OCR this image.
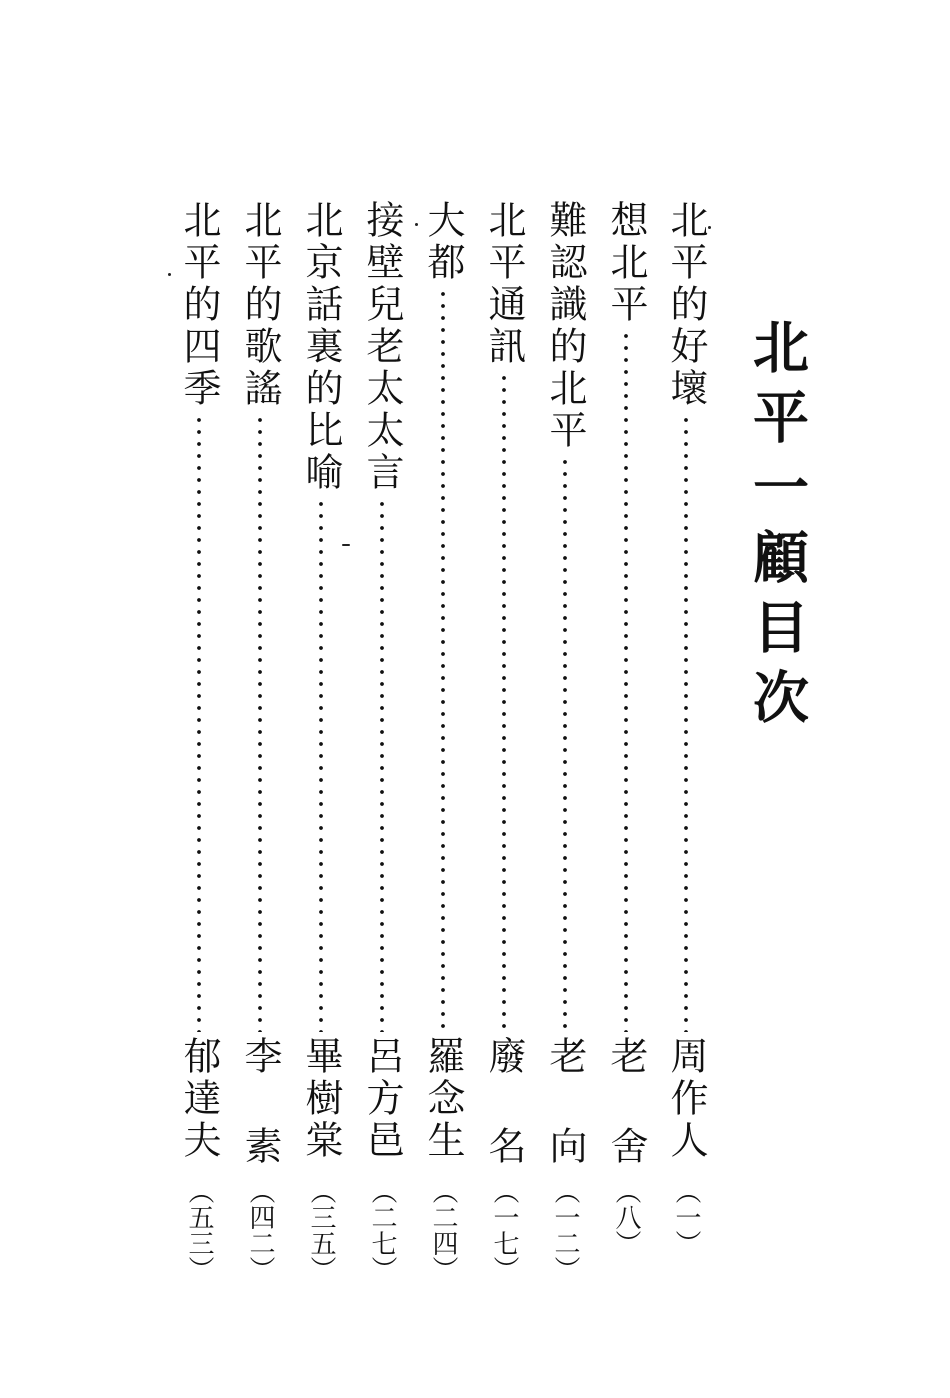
北平一顧目次
北平的好壞
周作人
（一）
想北平
老 舍
（八）
難認識的北平
老 向
（一二）
北平通訊
廢 名
（一七）
大都
羅念生
（二四）
接壁兒老太太言
呂方邑
（二七）
北京話裏的比喻
畢樹棠
（三五）
北平的歌謠
李 素
（四二）
北平的四季
郁達夫
（五三）
